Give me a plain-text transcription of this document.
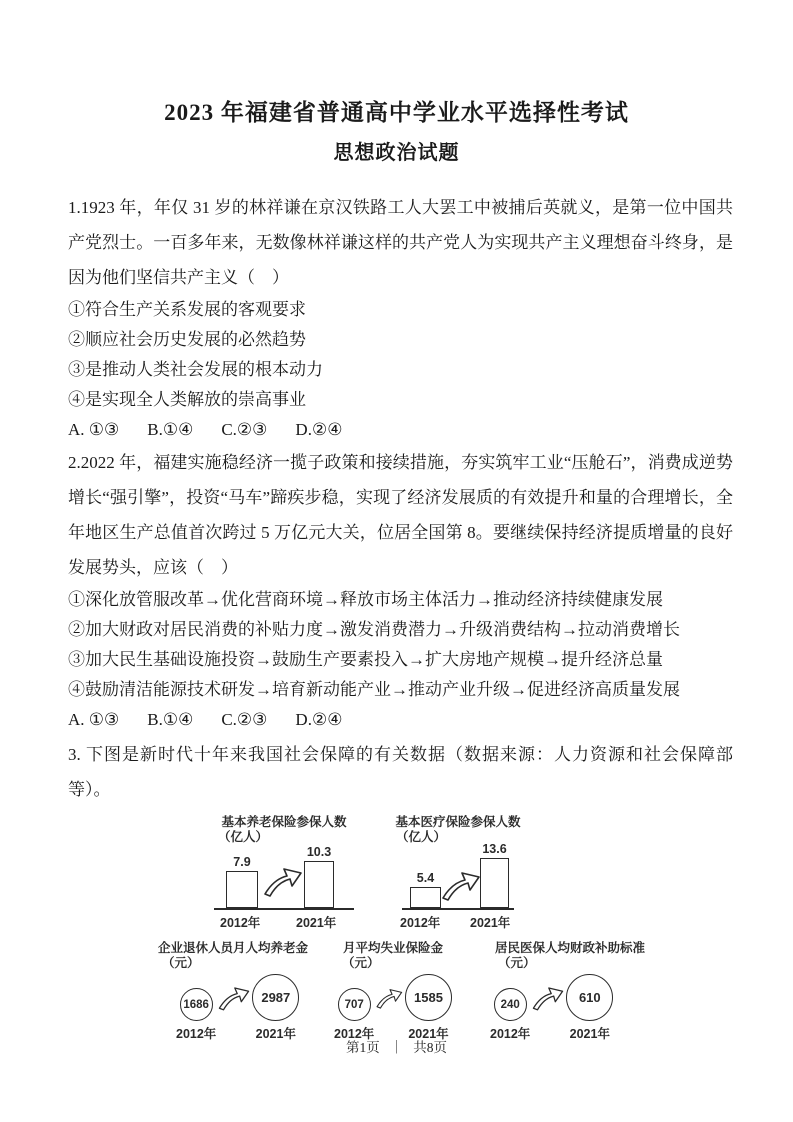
2023 年福建省普通高中学业水平选择性考试
思想政治试题
1.1923 年，年仅 31 岁的林祥谦在京汉铁路工人大罢工中被捕后英就义，是第一位中国共产党烈士。一百多年来，无数像林祥谦这样的共产党人为实现共产主义理想奋斗终身，是因为他们坚信共产主义（　）
①符合生产关系发展的客观要求
②顺应社会历史发展的必然趋势
③是推动人类社会发展的根本动力
④是实现全人类解放的崇高事业
A. ①③ B.①④ C.②③ D.②④
2.2022 年，福建实施稳经济一揽子政策和接续措施，夯实筑牢工业“压舱石”，消费成逆势增长“强引擎”，投资“马车”蹄疾步稳，实现了经济发展质的有效提升和量的合理增长，全年地区生产总值首次跨过 5 万亿元大关，位居全国第 8。要继续保持经济提质增量的良好发展势头，应该（　）
①深化放管服改革→优化营商环境→释放市场主体活力→推动经济持续健康发展
②加大财政对居民消费的补贴力度→激发消费潜力→升级消费结构→拉动消费增长
③加大民生基础设施投资→鼓励生产要素投入→扩大房地产规模→提升经济总量
④鼓励清洁能源技术研发→培育新动能产业→推动产业升级→促进经济高质量发展
A. ①③ B.①④ C.②③ D.②④
3. 下图是新时代十年来我国社会保障的有关数据（数据来源：人力资源和社会保障部等）。
基本养老保险参保人数
（亿人）
7.9
10.3
2012年	2021年
基本医疗保险参保人数
（亿人）
5.4
13.6
2012年 2021年
企业退休人员月人均养老金
（元）
1686
2012年
2987
2021年
月平均失业保险金
（元）
707
2012年
1585
2021年
居民医保人均财政补助标准
（元）
240
2012年
610
2021年
第1页 ｜ 共8页
